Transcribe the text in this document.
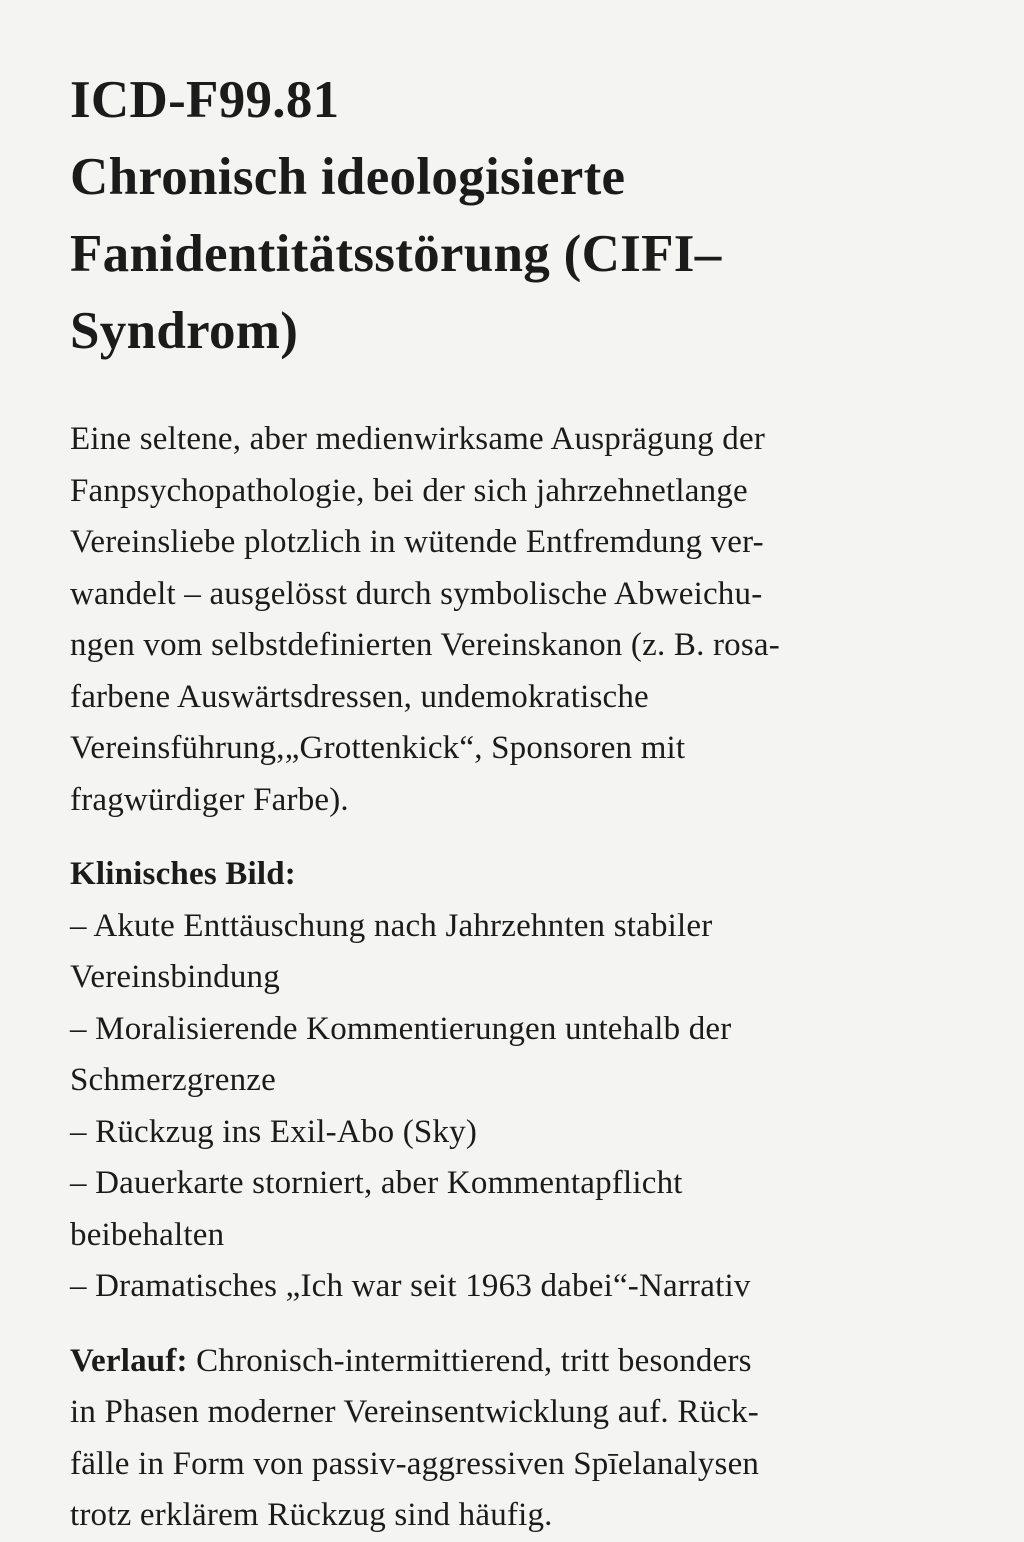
ICD-F99.81
Chronisch ideologisierte
Fanidentitätsstörung (CIFI–
Syndrom)
Eine seltene, aber medienwirksame Ausprägung der
Fanpsychopathologie, bei der sich jahrzehnetlange
Vereinsliebe plotzlich in wütende Entfremdung ver-
wandelt – ausgelösst durch symbolische Abweichu-
ngen vom selbstdefinierten Vereinskanon (z. B. rosa-
farbene Auswärtsdressen, undemokratische
Vereinsführung,„Grottenkick“, Sponsoren mit
fragwürdiger Farbe).
Klinisches Bild:
– Akute Enttäuschung nach Jahrzehnten stabiler
Vereinsbindung
– Moralisierende Kommentierungen untehalb der
Schmerzgrenze
– Rückzug ins Exil-Abo (Sky)
– Dauerkarte storniert, aber Kommentapflicht
beibehalten
– Dramatisches „Ich war seit 1963 dabei“-Narrativ
Verlauf: Chronisch-intermittierend, tritt besonders
in Phasen moderner Vereinsentwicklung auf. Rück-
fälle in Form von passiv-aggressiven Spīelanalysen
trotz erklärem Rückzug sind häufig.
